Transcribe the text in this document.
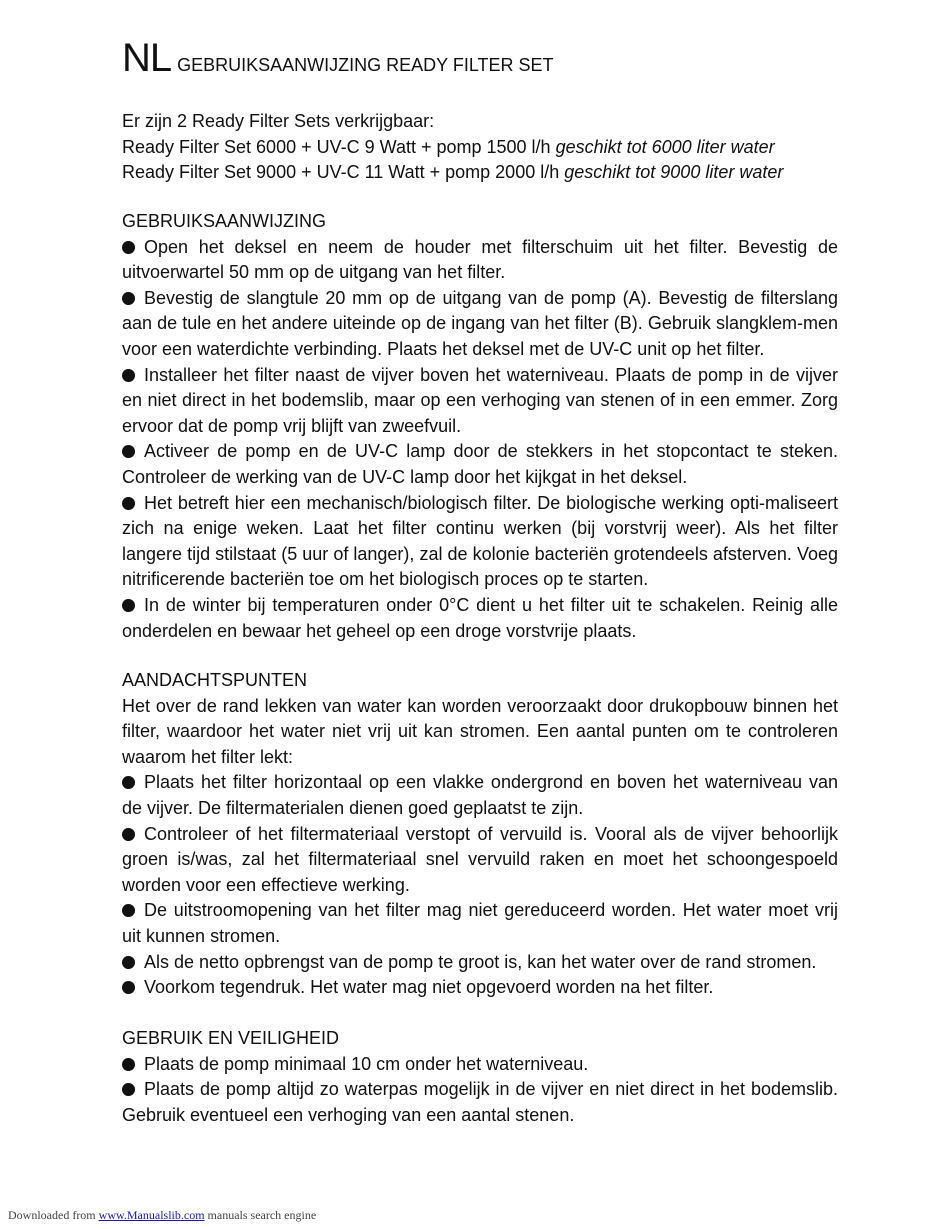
NL GEBRUIKSAANWIJZING READY FILTER SET
Er zijn 2 Ready Filter Sets verkrijgbaar:
Ready Filter Set 6000 + UV-C 9 Watt + pomp 1500 l/h geschikt tot 6000 liter water
Ready Filter Set 9000 + UV-C 11 Watt + pomp 2000 l/h geschikt tot 9000 liter water
GEBRUIKSAANWIJZING

Open het deksel en neem de houder met filterschuim uit het filter. Bevestig de uitvoerwartel 50 mm op de uitgang van het filter.

Bevestig de slangtule 20 mm op de uitgang van de pomp (A). Bevestig de filterslang aan de tule en het andere uiteinde op de ingang van het filter (B). Gebruik slangklem-men voor een waterdichte verbinding. Plaats het deksel met de UV-C unit op het filter.

Installeer het filter naast de vijver boven het waterniveau. Plaats de pomp in de vijver en niet direct in het bodemslib, maar op een verhoging van stenen of in een emmer. Zorg ervoor dat de pomp vrij blijft van zweefvuil.

Activeer de pomp en de UV-C lamp door de stekkers in het stopcontact te steken. Controleer de werking van de UV-C lamp door het kijkgat in het deksel.

Het betreft hier een mechanisch/biologisch filter. De biologische werking opti-maliseert zich na enige weken. Laat het filter continu werken (bij vorstvrij weer). Als het filter langere tijd stilstaat (5 uur of langer), zal de kolonie bacteriën grotendeels afsterven. Voeg nitrificerende bacteriën toe om het biologisch proces op te starten.

In de winter bij temperaturen onder 0°C dient u het filter uit te schakelen. Reinig alle onderdelen en bewaar het geheel op een droge vorstvrije plaats.

AANDACHTSPUNTEN

Het over de rand lekken van water kan worden veroorzaakt door drukopbouw binnen het filter, waardoor het water niet vrij uit kan stromen. Een aantal punten om te controleren waarom het filter lekt:

Plaats het filter horizontaal op een vlakke ondergrond en boven het waterniveau van de vijver. De filtermaterialen dienen goed geplaatst te zijn.

Controleer of het filtermateriaal verstopt of vervuild is. Vooral als de vijver behoorlijk groen is/was, zal het filtermateriaal snel vervuild raken en moet het schoongespoeld worden voor een effectieve werking.

De uitstroomopening van het filter mag niet gereduceerd worden. Het water moet vrij uit kunnen stromen.

Als de netto opbrengst van de pomp te groot is, kan het water over de rand stromen.

Voorkom tegendruk. Het water mag niet opgevoerd worden na het filter.

GEBRUIK EN VEILIGHEID

Plaats de pomp minimaal 10 cm onder het waterniveau.

Plaats de pomp altijd zo waterpas mogelijk in de vijver en niet direct in het bodemslib. Gebruik eventueel een verhoging van een aantal stenen.

Downloaded from www.Manualslib.com manuals search engine
